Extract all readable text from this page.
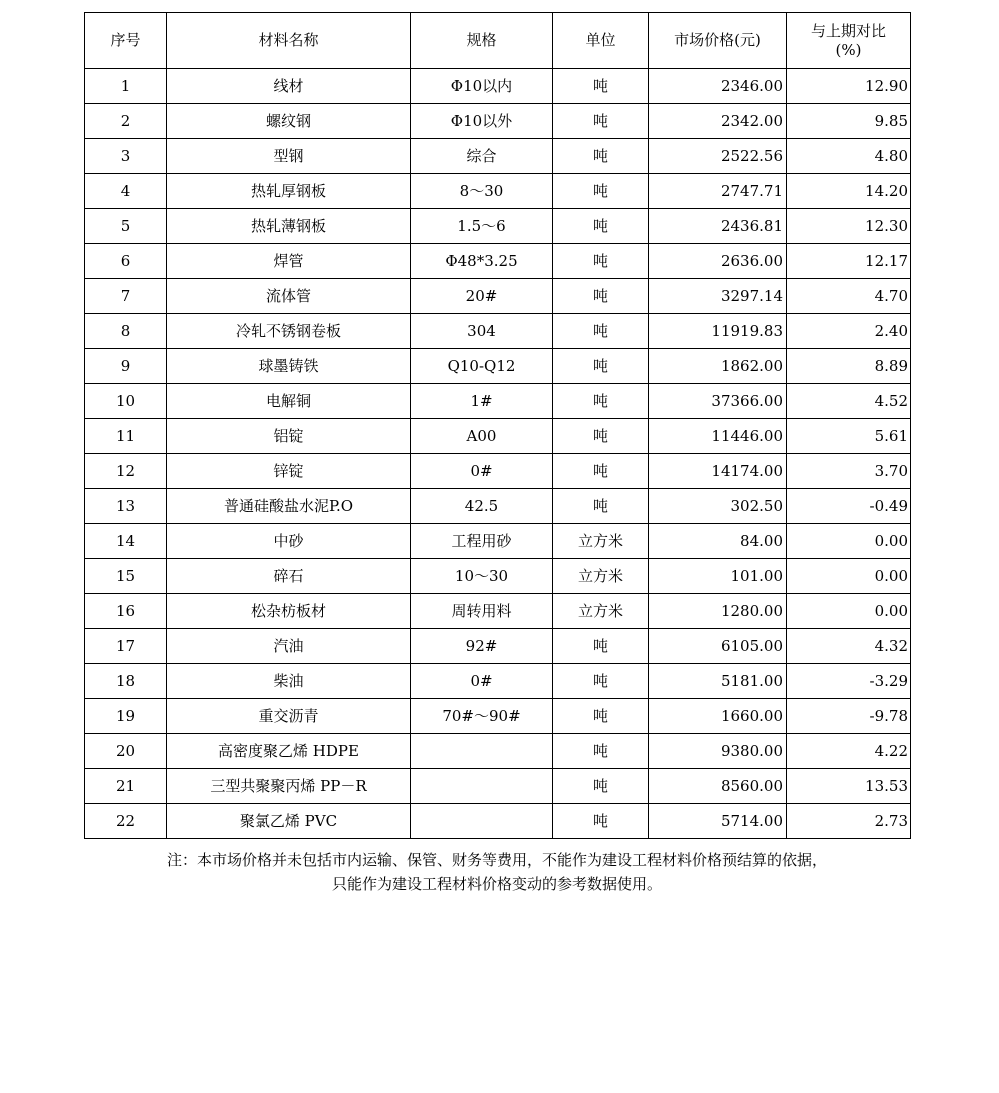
序号	材料名称	规格	单位	市场价格(元)	与上期对比
(%)
1	线材	Φ10以内	吨	2346.00	12.90
2	螺纹钢	Φ10以外	吨	2342.00	9.85
3	型钢	综合	吨	2522.56	4.80
4	热轧厚钢板	8～30	吨	2747.71	14.20
5	热轧薄钢板	1.5～6	吨	2436.81	12.30
6	焊管	Φ48*3.25	吨	2636.00	12.17
7	流体管	20#	吨	3297.14	4.70
8	冷轧不锈钢卷板	304	吨	11919.83	2.40
9	球墨铸铁	Q10-Q12	吨	1862.00	8.89
10	电解铜	1#	吨	37366.00	4.52
11	铝锭	A00	吨	11446.00	5.61
12	锌锭	0#	吨	14174.00	3.70
13	普通硅酸盐水泥P.O	42.5	吨	302.50	-0.49
14	中砂	工程用砂	立方米	84.00	0.00
15	碎石	10～30	立方米	101.00	0.00
16	松杂枋板材	周转用料	立方米	1280.00	0.00
17	汽油	92#	吨	6105.00	4.32
18	柴油	0#	吨	5181.00	-3.29
19	重交沥青	70#～90#	吨	1660.00	-9.78
20	高密度聚乙烯 HDPE		吨	9380.00	4.22
21	三型共聚聚丙烯 PP－R		吨	8560.00	13.53
22	聚氯乙烯 PVC		吨	5714.00	2.73
注：本市场价格并未包括市内运输、保管、财务等费用，不能作为建设工程材料价格预结算的依据，
只能作为建设工程材料价格变动的参考数据使用。
